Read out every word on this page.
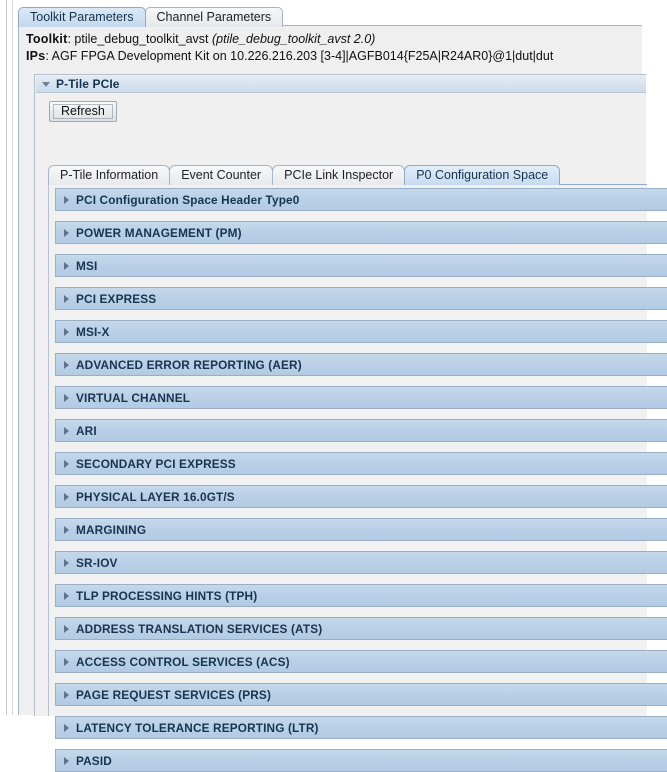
Toolkit Parameters	Channel Parameters
Toolkit: ptile_debug_toolkit_avst (ptile_debug_toolkit_avst 2.0)
IPs: AGF FPGA Development Kit on 10.226.216.203 [3-4]|AGFB014{F25A|R24AR0}@1|dut|dut
P-Tile PCIe
Refresh
P-Tile Information	Event Counter	PCIe Link Inspector	P0 Configuration Space
PCI Configuration Space Header Type0
POWER MANAGEMENT (PM)
MSI
PCI EXPRESS
MSI-X
ADVANCED ERROR REPORTING (AER)
VIRTUAL CHANNEL
ARI
SECONDARY PCI EXPRESS
PHYSICAL LAYER 16.0GT/S
MARGINING
SR-IOV
TLP PROCESSING HINTS (TPH)
ADDRESS TRANSLATION SERVICES (ATS)
ACCESS CONTROL SERVICES (ACS)
PAGE REQUEST SERVICES (PRS)
LATENCY TOLERANCE REPORTING (LTR)
PASID
